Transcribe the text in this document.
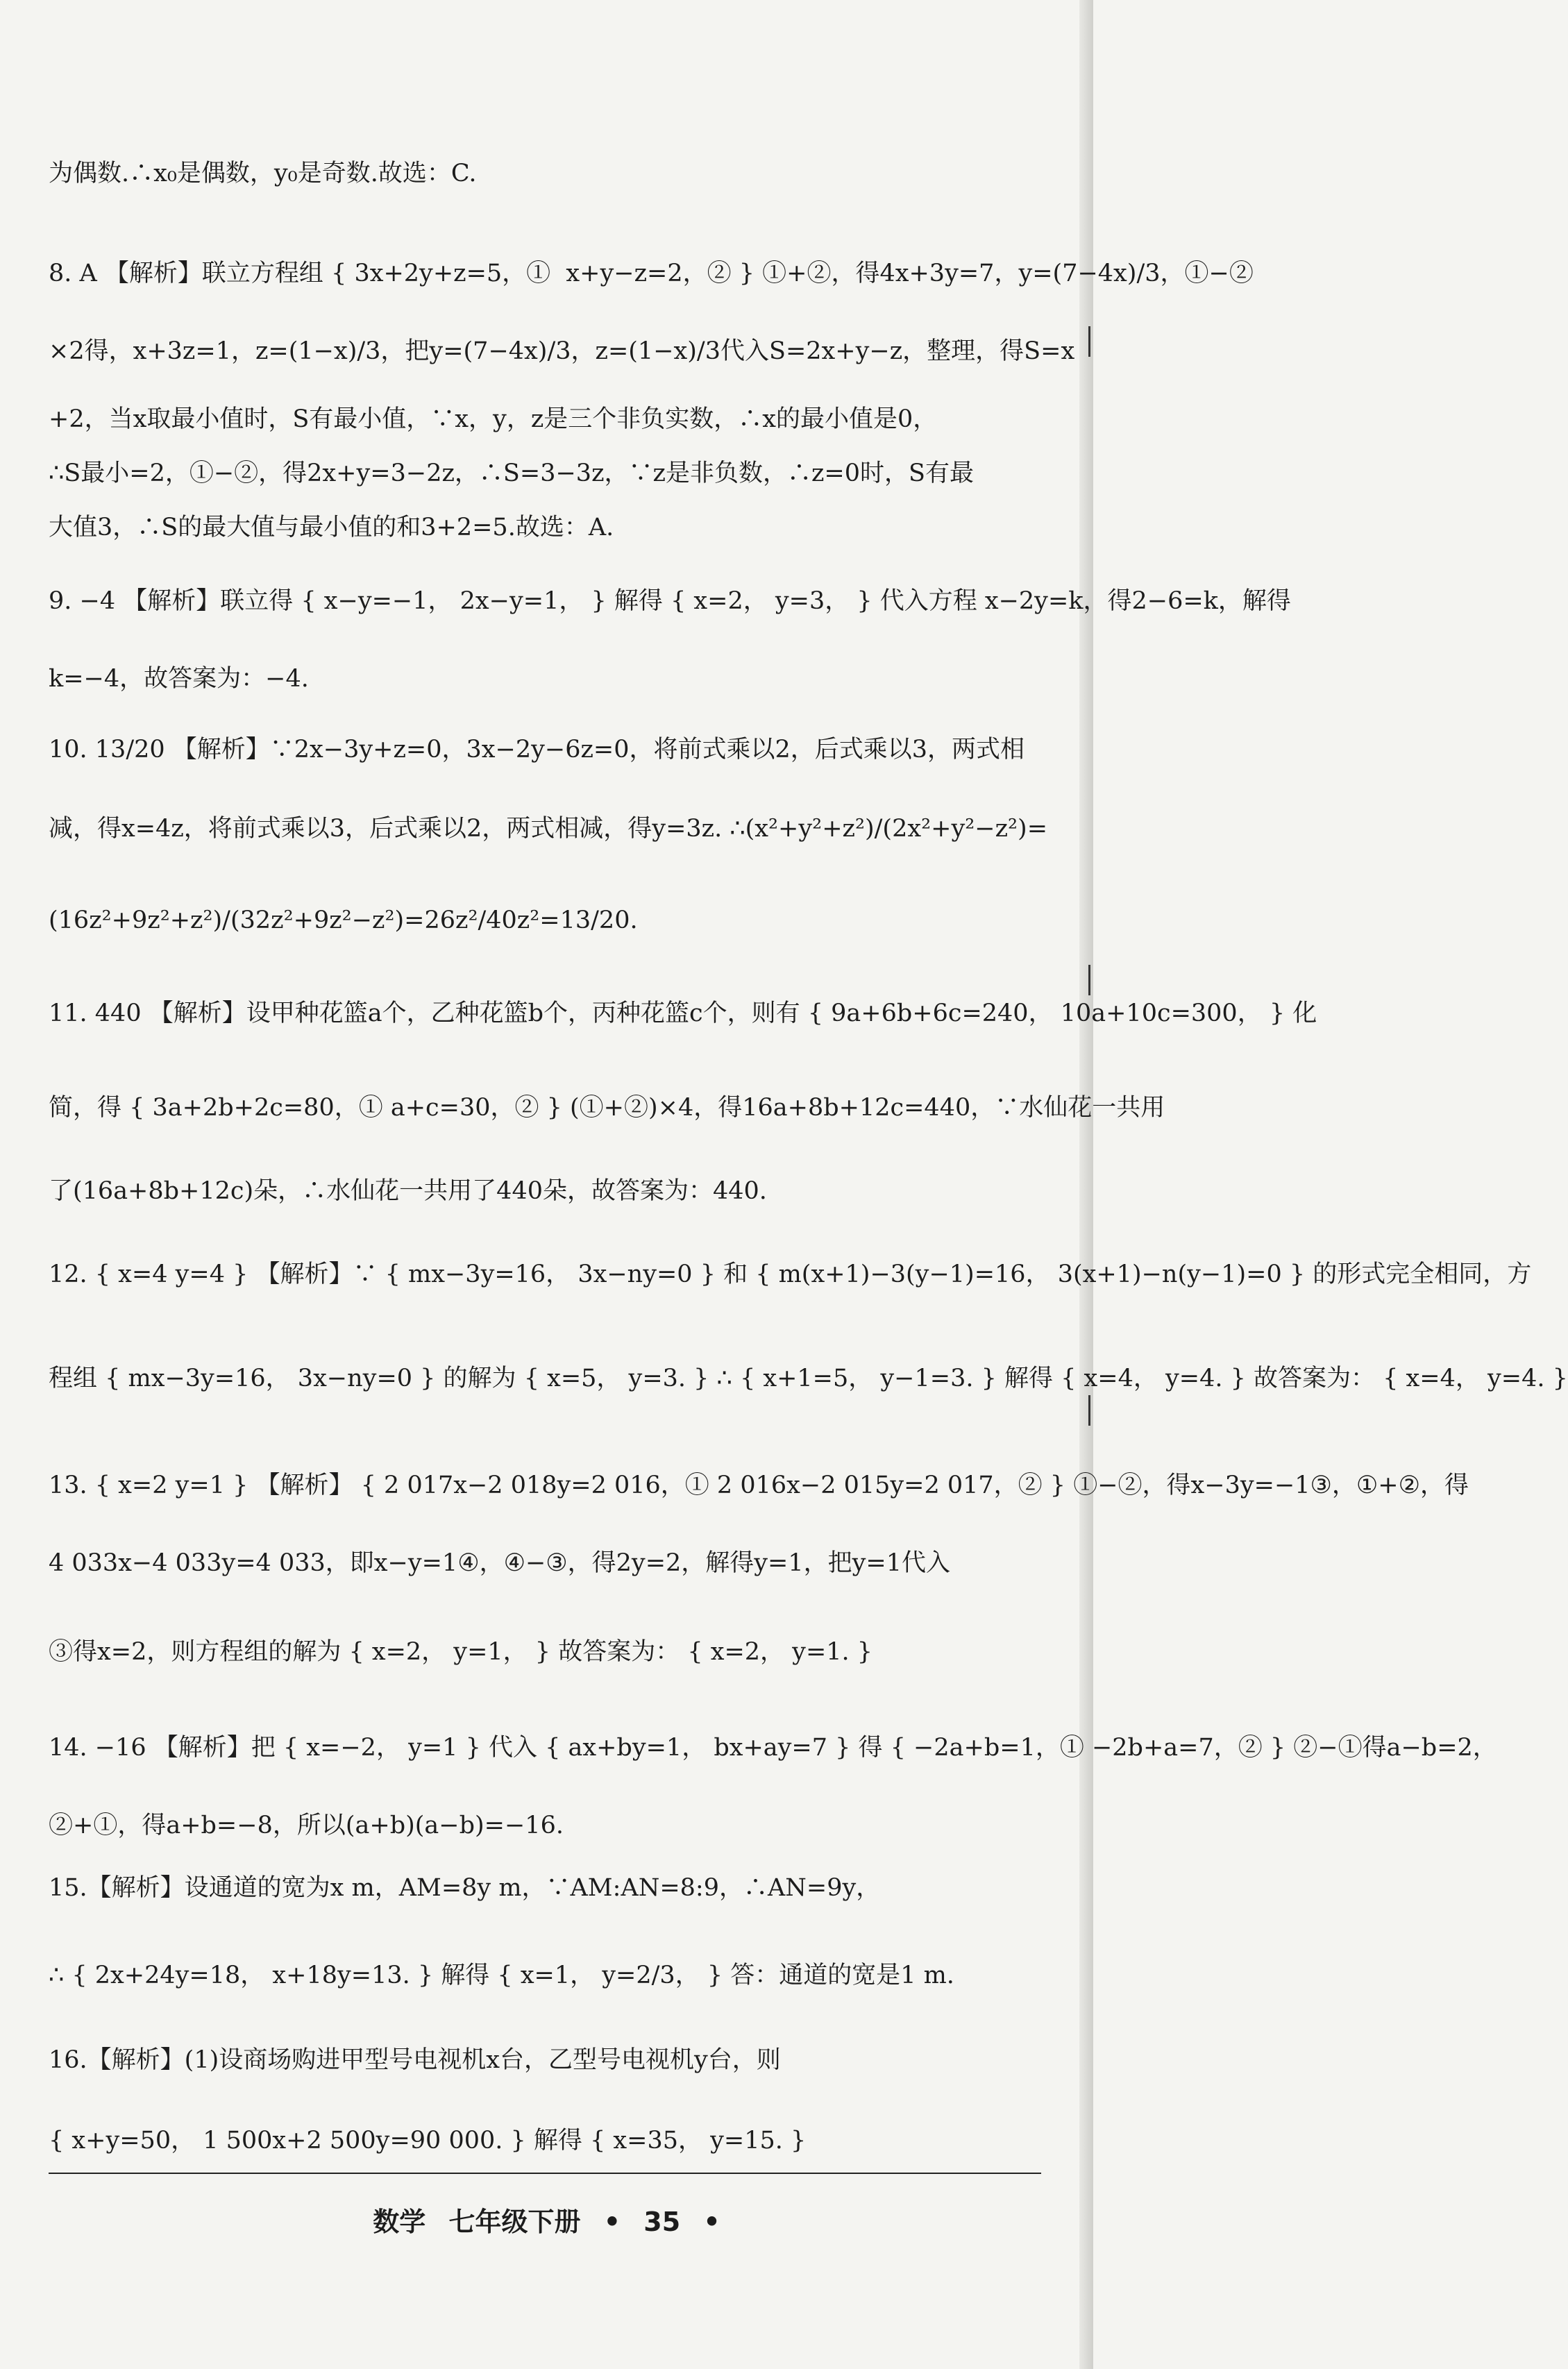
为偶数.∴x₀是偶数，y₀是奇数.故选：C.
8. A 【解析】联立方程组 { 3x+2y+z=5，①  x+y−z=2，② } ①+②，得4x+3y=7，y=(7−4x)/3，①−②
×2得，x+3z=1，z=(1−x)/3，把y=(7−4x)/3，z=(1−x)/3代入S=2x+y−z，整理，得S=x
+2，当x取最小值时，S有最小值，∵x，y，z是三个非负实数，∴x的最小值是0，
∴S最小=2，①−②，得2x+y=3−2z，∴S=3−3z，∵z是非负数，∴z=0时，S有最
大值3，∴S的最大值与最小值的和3+2=5.故选：A.
9. −4 【解析】联立得 { x−y=−1， 2x−y=1， } 解得 { x=2， y=3， } 代入方程 x−2y=k，得2−6=k，解得
k=−4，故答案为：−4.
10. 13/20 【解析】∵2x−3y+z=0，3x−2y−6z=0，将前式乘以2，后式乘以3，两式相
减，得x=4z，将前式乘以3，后式乘以2，两式相减，得y=3z. ∴(x²+y²+z²)/(2x²+y²−z²)=
(16z²+9z²+z²)/(32z²+9z²−z²)=26z²/40z²=13/20.
11. 440 【解析】设甲种花篮a个，乙种花篮b个，丙种花篮c个，则有 { 9a+6b+6c=240， 10a+10c=300， } 化
简，得 { 3a+2b+2c=80，① a+c=30，② } (①+②)×4，得16a+8b+12c=440，∵水仙花一共用
了(16a+8b+12c)朵，∴水仙花一共用了440朵，故答案为：440.
12. { x=4 y=4 } 【解析】∵ { mx−3y=16， 3x−ny=0 } 和 { m(x+1)−3(y−1)=16， 3(x+1)−n(y−1)=0 } 的形式完全相同，方
程组 { mx−3y=16， 3x−ny=0 } 的解为 { x=5， y=3. } ∴ { x+1=5， y−1=3. } 解得 { x=4， y=4. } 故答案为： { x=4， y=4. }
13. { x=2 y=1 } 【解析】 { 2 017x−2 018y=2 016，① 2 016x−2 015y=2 017，② } ①−②，得x−3y=−1③，①+②，得
4 033x−4 033y=4 033，即x−y=1④，④−③，得2y=2，解得y=1，把y=1代入
③得x=2，则方程组的解为 { x=2， y=1， } 故答案为： { x=2， y=1. }
14. −16 【解析】把 { x=−2， y=1 } 代入 { ax+by=1， bx+ay=7 } 得 { −2a+b=1，① −2b+a=7，② } ②−①得a−b=2，
②+①，得a+b=−8，所以(a+b)(a−b)=−16.
15.【解析】设通道的宽为x m，AM=8y m，∵AM:AN=8:9，∴AN=9y，
∴ { 2x+24y=18， x+18y=13. } 解得 { x=1， y=2/3， } 答：通道的宽是1 m.
16.【解析】(1)设商场购进甲型号电视机x台，乙型号电视机y台，则
{ x+y=50， 1 500x+2 500y=90 000. } 解得 { x=35， y=15. }
数学 七年级下册 • 35 •
